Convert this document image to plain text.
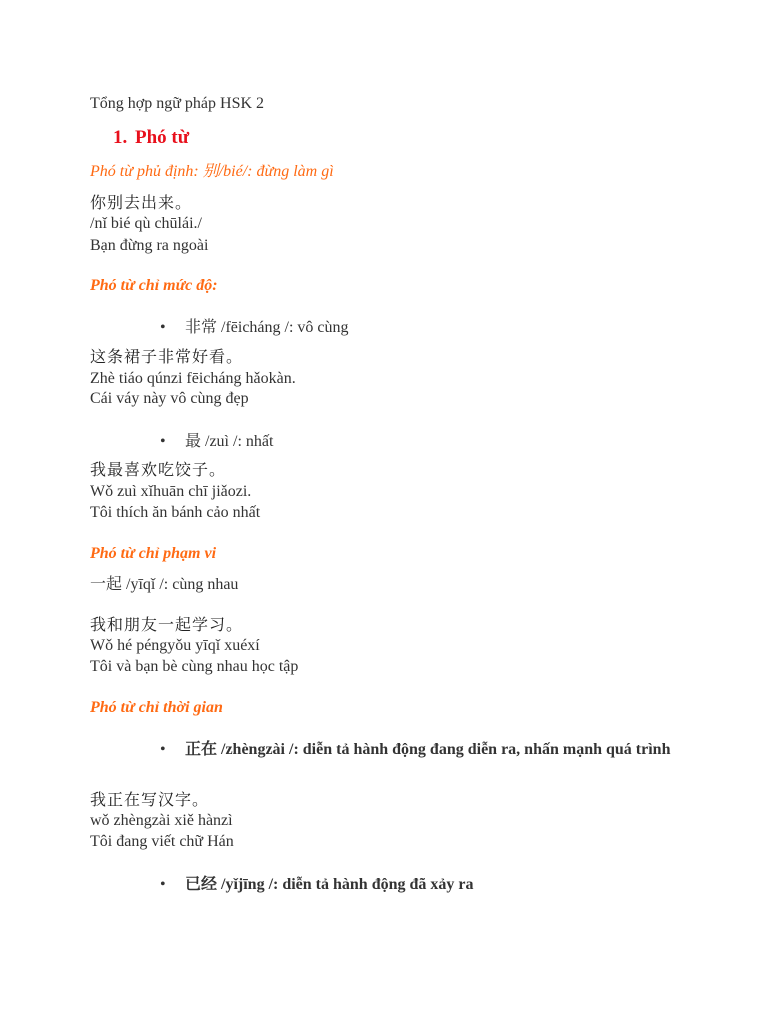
Tổng hợp ngữ pháp HSK 2
1. Phó từ
Phó từ phủ định: 别/bié/: đừng làm gì
你别去出来。
/nǐ bié qù chūlái./
Bạn đừng ra ngoài
Phó từ chỉ mức độ:
• 非常 /fēicháng /: vô cùng
这条裙子非常好看。
Zhè tiáo qúnzi fēicháng hǎokàn.
Cái váy này vô cùng đẹp
• 最 /zuì /: nhất
我最喜欢吃饺子。
Wǒ zuì xǐhuān chī jiǎozi.
Tôi thích ăn bánh cảo nhất
Phó từ chỉ phạm vi
一起 /yīqǐ /: cùng nhau
我和朋友一起学习。
Wǒ hé péngyǒu yīqǐ xuéxí
Tôi và bạn bè cùng nhau học tập
Phó từ chỉ thời gian
• 正在 /zhèngzài /: diễn tả hành động đang diễn ra, nhấn mạnh quá trình
我正在写汉字。
wǒ zhèngzài xiě hànzì
Tôi đang viết chữ Hán
• 已经 /yǐjīng /: diễn tả hành động đã xảy ra
